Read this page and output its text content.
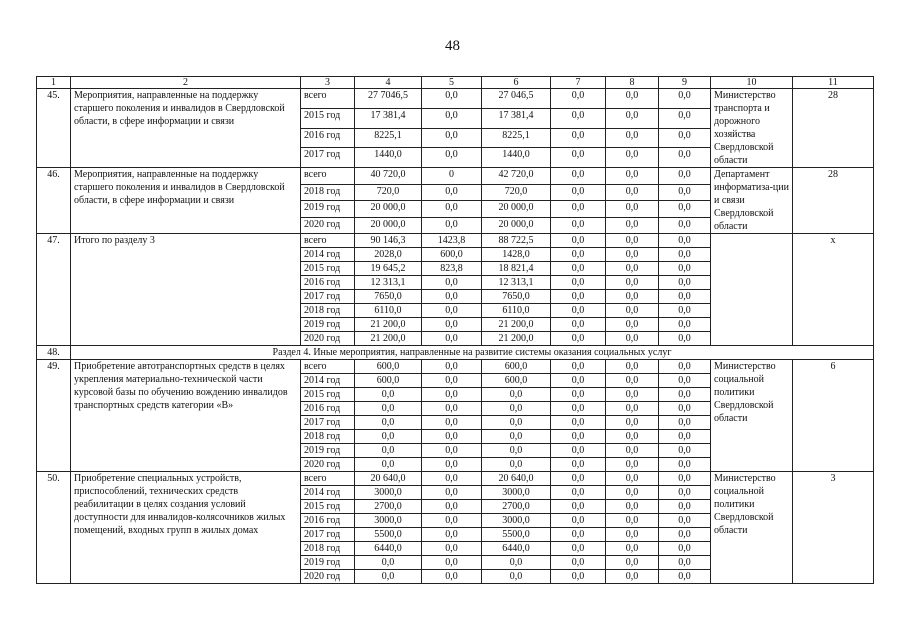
48
1	2	3	4	5	6	7	8	9	10	11
45.	Мероприятия, направленные на поддержку старшего поколения и инвалидов в Свердловской области, в сфере информации и связи	всего	27 7046,5	0,0	27 046,5	0,0	0,0	0,0	Министерство транспорта и дорожного хозяйства Свердловской области	28
		2015 год	17 381,4	0,0	17 381,4	0,0	0,0	0,0		
		2016 год	8225,1	0,0	8225,1	0,0	0,0	0,0		
		2017 год	1440,0	0,0	1440,0	0,0	0,0	0,0		
46.	Мероприятия, направленные на поддержку старшего поколения и инвалидов в Свердловской области, в сфере информации и связи	всего	40 720,0	0	42 720,0	0,0	0,0	0,0	Департамент информатиза-ции и связи Свердловской области	28
		2018 год	720,0	0,0	720,0	0,0	0,0	0,0		
		2019 год	20 000,0	0,0	20 000,0	0,0	0,0	0,0		
		2020 год	20 000,0	0,0	20 000,0	0,0	0,0	0,0		
47.	Итого по разделу 3	всего	90 146,3	1423,8	88 722,5	0,0	0,0	0,0		х
		2014 год	2028,0	600,0	1428,0	0,0	0,0	0,0		
		2015 год	19 645,2	823,8	18 821,4	0,0	0,0	0,0		
		2016 год	12 313,1	0,0	12 313,1	0,0	0,0	0,0		
		2017 год	7650,0	0,0	7650,0	0,0	0,0	0,0		
		2018 год	6110,0	0,0	6110,0	0,0	0,0	0,0		
		2019 год	21 200,0	0,0	21 200,0	0,0	0,0	0,0		
		2020 год	21 200,0	0,0	21 200,0	0,0	0,0	0,0		
48.	Раздел 4. Иные мероприятия, направленные на развитие системы оказания социальных услуг									
49.	Приобретение автотранспортных средств в целях укрепления материально-технической части курсовой базы по обучению вождению инвалидов транспортных средств категории «В»	всего	600,0	0,0	600,0	0,0	0,0	0,0	Министерство социальной политики Свердловской области	6
		2014 год	600,0	0,0	600,0	0,0	0,0	0,0		
		2015 год	0,0	0,0	0,0	0,0	0,0	0,0		
		2016 год	0,0	0,0	0,0	0,0	0,0	0,0		
		2017 год	0,0	0,0	0,0	0,0	0,0	0,0		
		2018 год	0,0	0,0	0,0	0,0	0,0	0,0		
		2019 год	0,0	0,0	0,0	0,0	0,0	0,0		
		2020 год	0,0	0,0	0,0	0,0	0,0	0,0		
50.	Приобретение специальных устройств, приспособлений, технических средств реабилитации в целях создания условий доступности для инвалидов-колясочников жилых помещений, входных групп в жилых домах	всего	20 640,0	0,0	20 640,0	0,0	0,0	0,0	Министерство социальной политики Свердловской области	3
		2014 год	3000,0	0,0	3000,0	0,0	0,0	0,0		
		2015 год	2700,0	0,0	2700,0	0,0	0,0	0,0		
		2016 год	3000,0	0,0	3000,0	0,0	0,0	0,0		
		2017 год	5500,0	0,0	5500,0	0,0	0,0	0,0		
		2018 год	6440,0	0,0	6440,0	0,0	0,0	0,0		
		2019 год	0,0	0,0	0,0	0,0	0,0	0,0		
		2020 год	0,0	0,0	0,0	0,0	0,0	0,0		
